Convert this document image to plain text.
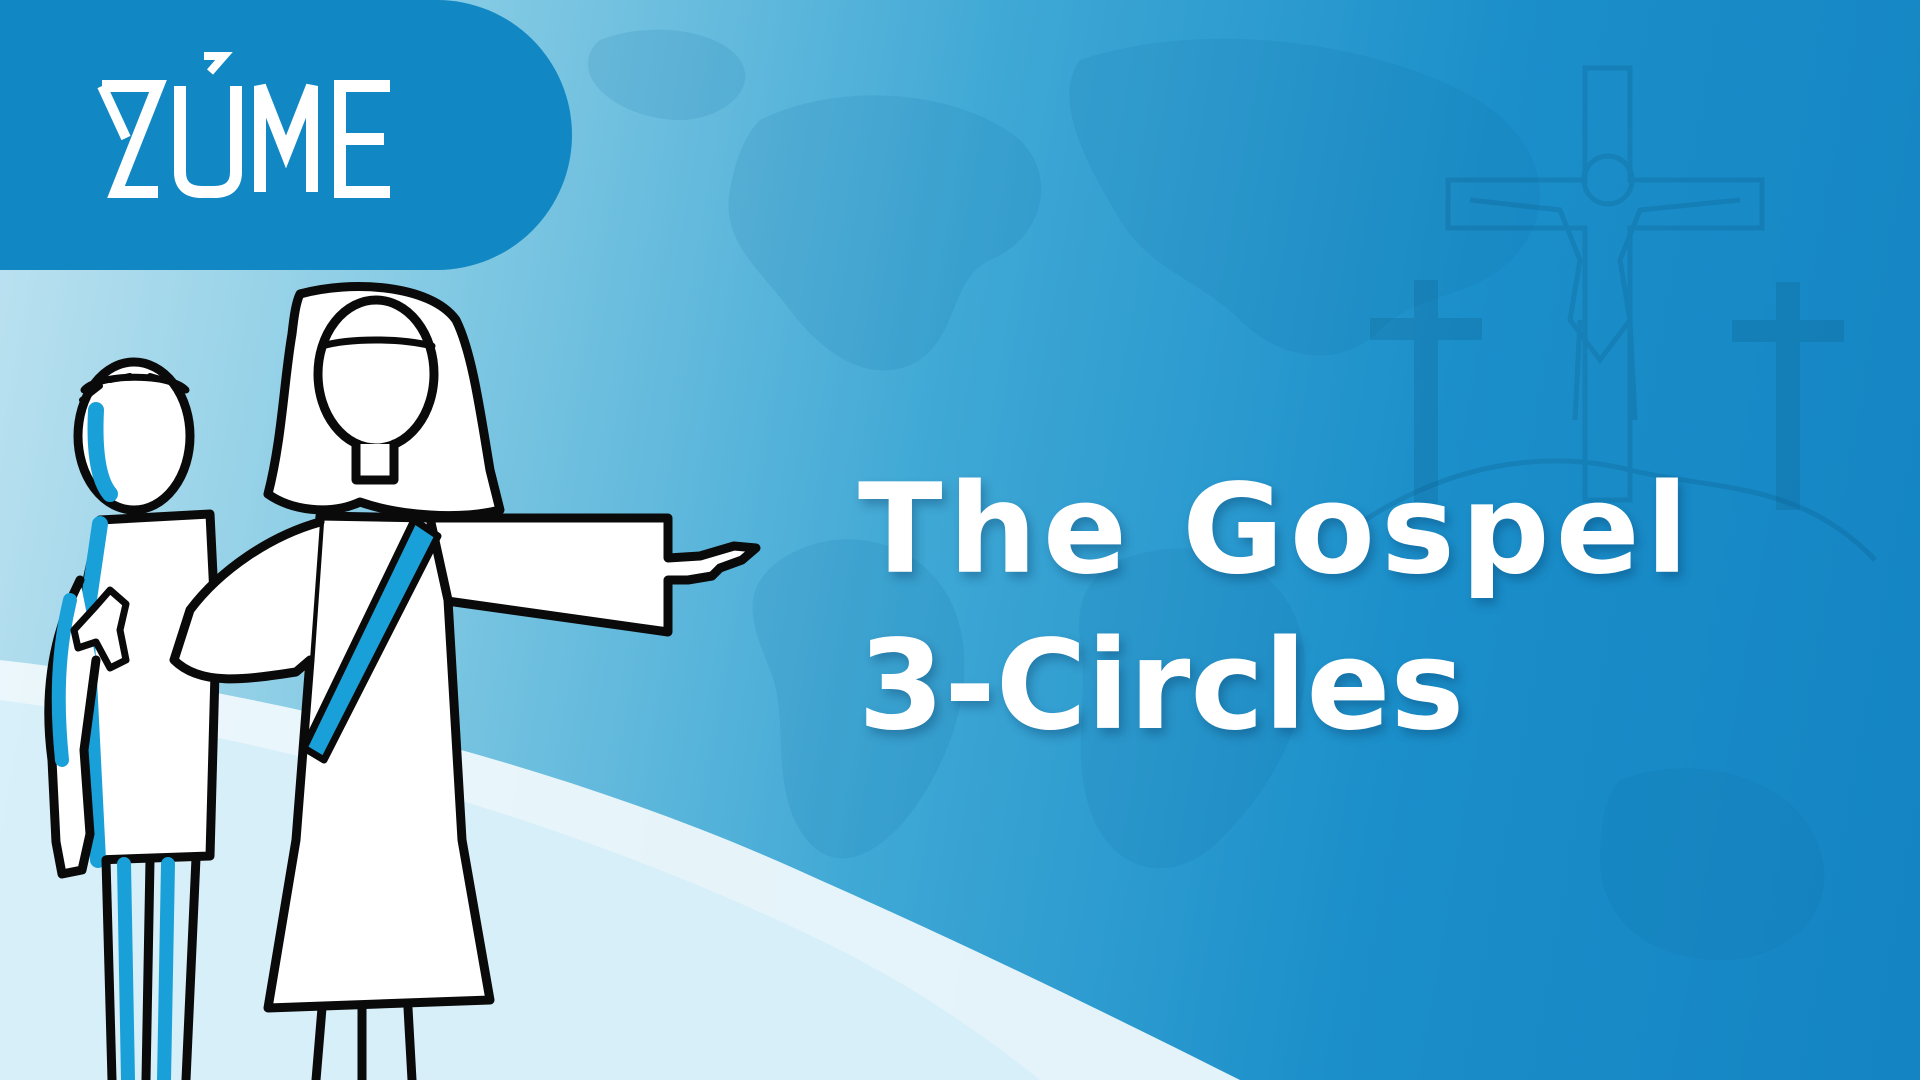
The Gospel
3-Circles
